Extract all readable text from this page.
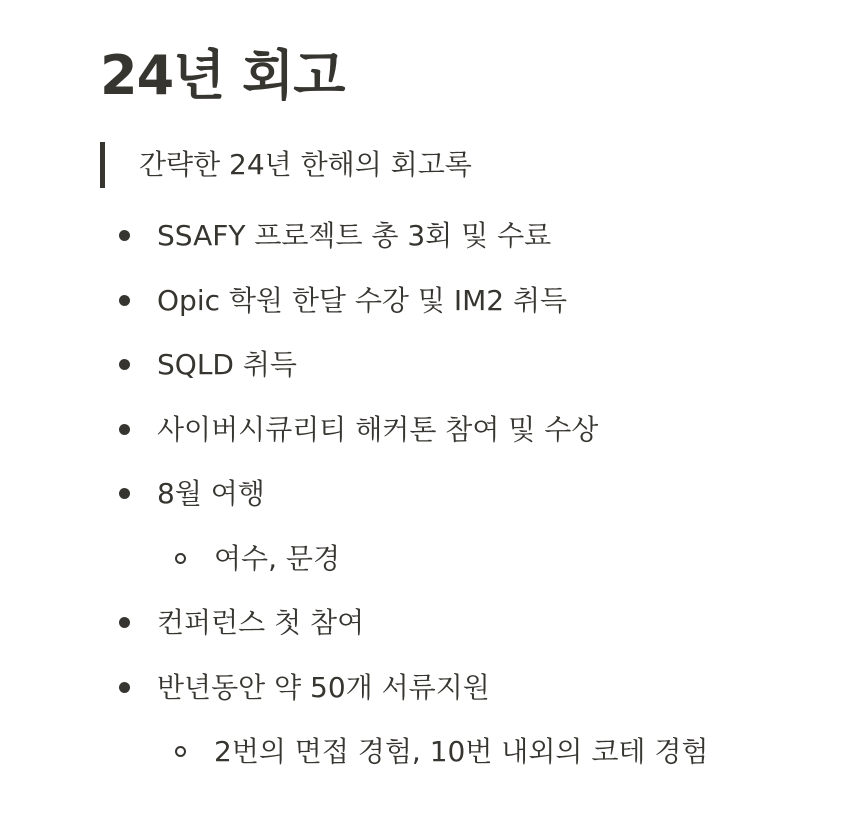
24년 회고
간략한 24년 한해의 회고록
SSAFY 프로젝트 총 3회 및 수료
Opic 학원 한달 수강 및 IM2 취득
SQLD 취득
사이버시큐리티 해커톤 참여 및 수상
8월 여행
여수, 문경
컨퍼런스 첫 참여
반년동안 약 50개 서류지원
2번의 면접 경험, 10번 내외의 코테 경험
